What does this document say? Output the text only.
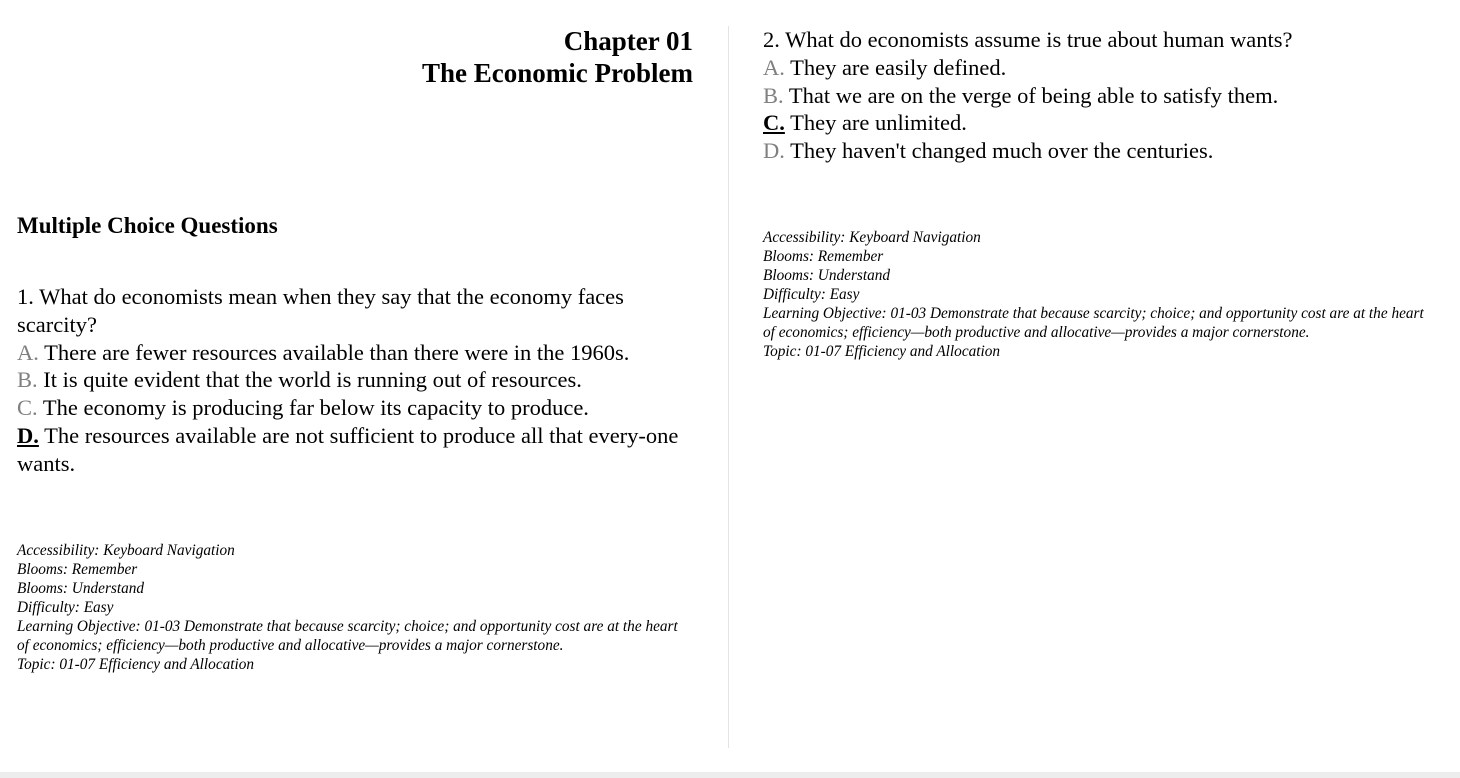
Chapter 01
The Economic Problem
Multiple Choice Questions

1. What do economists mean when they say that the economy faces scarcity?

A. There are fewer resources available than there were in the 1960s.

B. It is quite evident that the world is running out of resources.

C. The economy is producing far below its capacity to produce.

D. The resources available are not sufficient to produce all that every-one wants.

Accessibility: Keyboard Navigation

Blooms: Remember

Blooms: Understand

Difficulty: Easy

Learning Objective: 01-03 Demonstrate that because scarcity; choice; and opportunity cost are at the heart of economics; efficiency—both productive and allocative—provides a major cornerstone.

Topic: 01-07 Efficiency and Allocation

2. What do economists assume is true about human wants?

A. They are easily defined.

B. That we are on the verge of being able to satisfy them.

C. They are unlimited.

D. They haven't changed much over the centuries.

Accessibility: Keyboard Navigation

Blooms: Remember

Blooms: Understand

Difficulty: Easy

Learning Objective: 01-03 Demonstrate that because scarcity; choice; and opportunity cost are at the heart of economics; efficiency—both productive and allocative—provides a major cornerstone.

Topic: 01-07 Efficiency and Allocation
